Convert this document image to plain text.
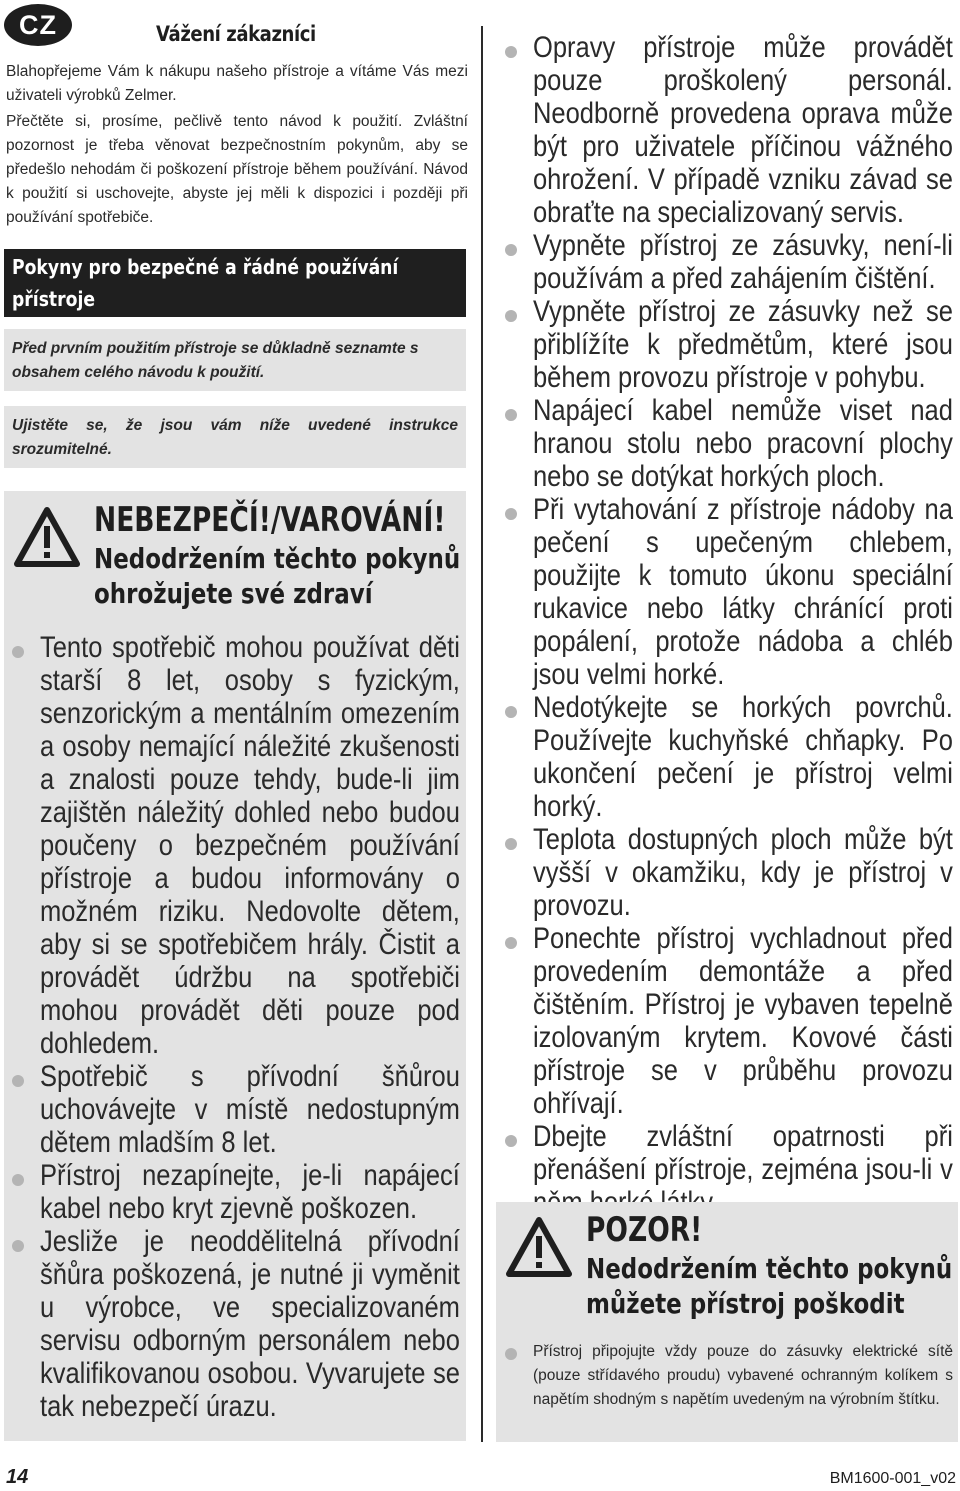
CZ	Vážení zákazníci

Blahopřejeme Vám k nákupu našeho přístroje a vítáme Vás mezi uživateli výrobků Zelmer.

Přečtěte si, prosíme, pečlivě tento návod k použití. Zvláštní pozornost je třeba věnovat bezpečnostním pokynům, aby se předešlo nehodám či poškození přístroje během používání. Návod k použití si uschovejte, abyste jej měli k dispozici i později při používání spotřebiče.

Pokyny pro bezpečné a řádné používání
přístroje
Před prvním použitím přístroje se důkladně seznamte s obsahem celého návodu k použití.
Ujistěte se, že jsou vám níže uvedené instrukce srozumitelné.
NEBEZPEČÍ!/VAROVÁNÍ!
Nedodržením těchto pokynů
ohrožujete své zdraví
Tento spotřebič mohou používat děti starší 8 let, osoby s fyzickým, senzorickým a mentálním omezením a osoby nemající náležité zkušenosti a znalosti pouze tehdy, bude-li jim zajištěn náležitý dohled nebo budou poučeny o bezpečném používání přístroje a budou informovány o možném riziku. Nedovolte dětem, aby si se spotřebičem hrály. Čistit a provádět údržbu na spotřebiči mohou provádět děti pouze pod dohledem.
Spotřebič s přívodní šňůrou uchovávejte v místě nedostupným dětem mladším 8 let.
Přístroj nezapínejte, je-li napájecí kabel nebo kryt zjevně poškozen.
Jesliže je neoddělitelná přívodní šňůra poškozená, je nutné ji vyměnit u výrobce, ve specializovaném servisu odborným personálem nebo kvalifikovanou osobou. Vyvarujete se tak nebezpečí úrazu.
Opravy přístroje může provádět pouze proškolený personál. Neodborně provedena oprava může být pro uživatele příčinou vážného ohrožení. V případě vzniku závad se obraťte na specializovaný servis.
Vypněte přístroj ze zásuvky, není-li používám a před zahájením čištění.
Vypněte přístroj ze zásuvky než se přiblížíte k předmětům, které jsou během provozu přístroje v pohybu.
Napájecí kabel nemůže viset nad hranou stolu nebo pracovní plochy nebo se dotýkat horkých ploch.
Při vytahování z přístroje nádoby na pečení s upečeným chlebem, použijte k tomuto úkonu speciální rukavice nebo látky chránící proti popálení, protože nádoba a chléb jsou velmi horké.
Nedotýkejte se horkých povrchů. Používejte kuchyňské chňapky. Po ukončení pečení je přístroj velmi horký.
Teplota dostupných ploch může být vyšší v okamžiku, kdy je přístroj v provozu.
Ponechte přístroj vychladnout před provedením demontáže a před čištěním. Přístroj je vybaven tepelně izolovaným krytem. Kovové části přístroje se v průběhu provozu ohřívají.
Dbejte zvláštní opatrnosti při přenášení přístroje, zejména jsou-li v
POZOR!
Nedodržením těchto pokynů
můžete přístroj poškodit
Přístroj připojujte vždy pouze do zásuvky elektrické sítě (pouze střídavého proudu) vybavené ochranným kolíkem s napětím shodným s napětím uvedeným na výrobním štítku.
14	BM1600-001_v02
